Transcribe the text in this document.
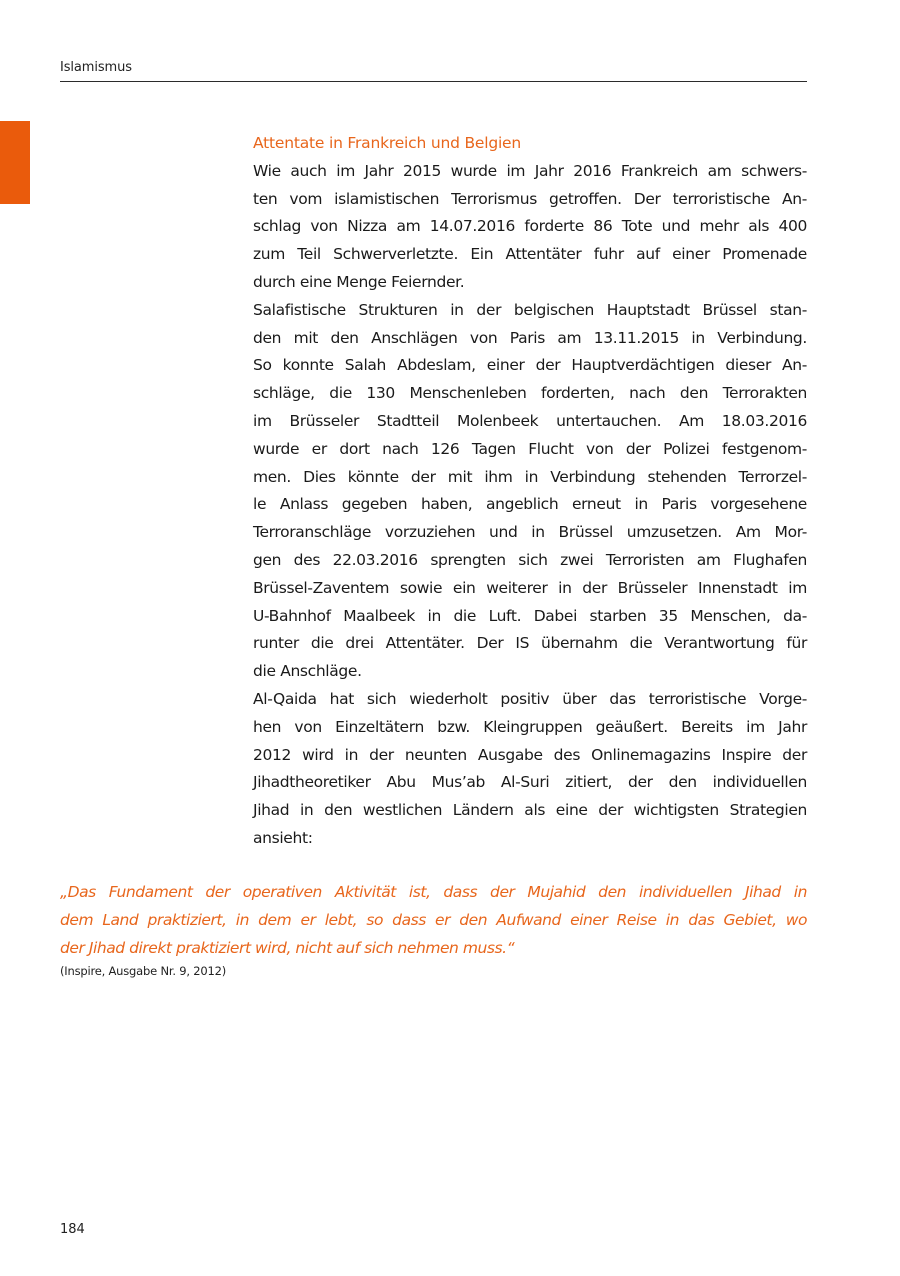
Islamismus
Attentate in Frankreich und Belgien

Wie auch im Jahr 2015 wurde im Jahr 2016 Frankreich am schwers-
ten vom islamistischen Terrorismus getroffen. Der terroristische An-
schlag von Nizza am 14.07.2016 forderte 86 Tote und mehr als 400
zum Teil Schwerverletzte. Ein Attentäter fuhr auf einer Promenade
durch eine Menge Feiernder.

Salafistische Strukturen in der belgischen Hauptstadt Brüssel stan-
den mit den Anschlägen von Paris am 13.11.2015 in Verbindung.
So konnte Salah Abdeslam, einer der Hauptverdächtigen dieser An-
schläge, die 130 Menschenleben forderten, nach den Terrorakten
im Brüsseler Stadtteil Molenbeek untertauchen. Am 18.03.2016
wurde er dort nach 126 Tagen Flucht von der Polizei festgenom-
men. Dies könnte der mit ihm in Verbindung stehenden Terrorzel-
le Anlass gegeben haben, angeblich erneut in Paris vorgesehene
Terroranschläge vorzuziehen und in Brüssel umzusetzen. Am Mor-
gen des 22.03.2016 sprengten sich zwei Terroristen am Flughafen
Brüssel-Zaventem sowie ein weiterer in der Brüsseler Innenstadt im
U-Bahnhof Maalbeek in die Luft. Dabei starben 35 Menschen, da-
runter die drei Attentäter. Der IS übernahm die Verantwortung für
die Anschläge.

Al-Qaida hat sich wiederholt positiv über das terroristische Vorge-
hen von Einzeltätern bzw. Kleingruppen geäußert. Bereits im Jahr
2012 wird in der neunten Ausgabe des Onlinemagazins Inspire der
Jihadtheoretiker Abu Mus’ab Al-Suri zitiert, der den individuellen
Jihad in den westlichen Ländern als eine der wichtigsten Strategien
ansieht:

„Das Fundament der operativen Aktivität ist, dass der Mujahid den individuellen Jihad in
dem Land praktiziert, in dem er lebt, so dass er den Aufwand einer Reise in das Gebiet, wo
der Jihad direkt praktiziert wird, nicht auf sich nehmen muss.“

(Inspire, Ausgabe Nr. 9, 2012)
184
